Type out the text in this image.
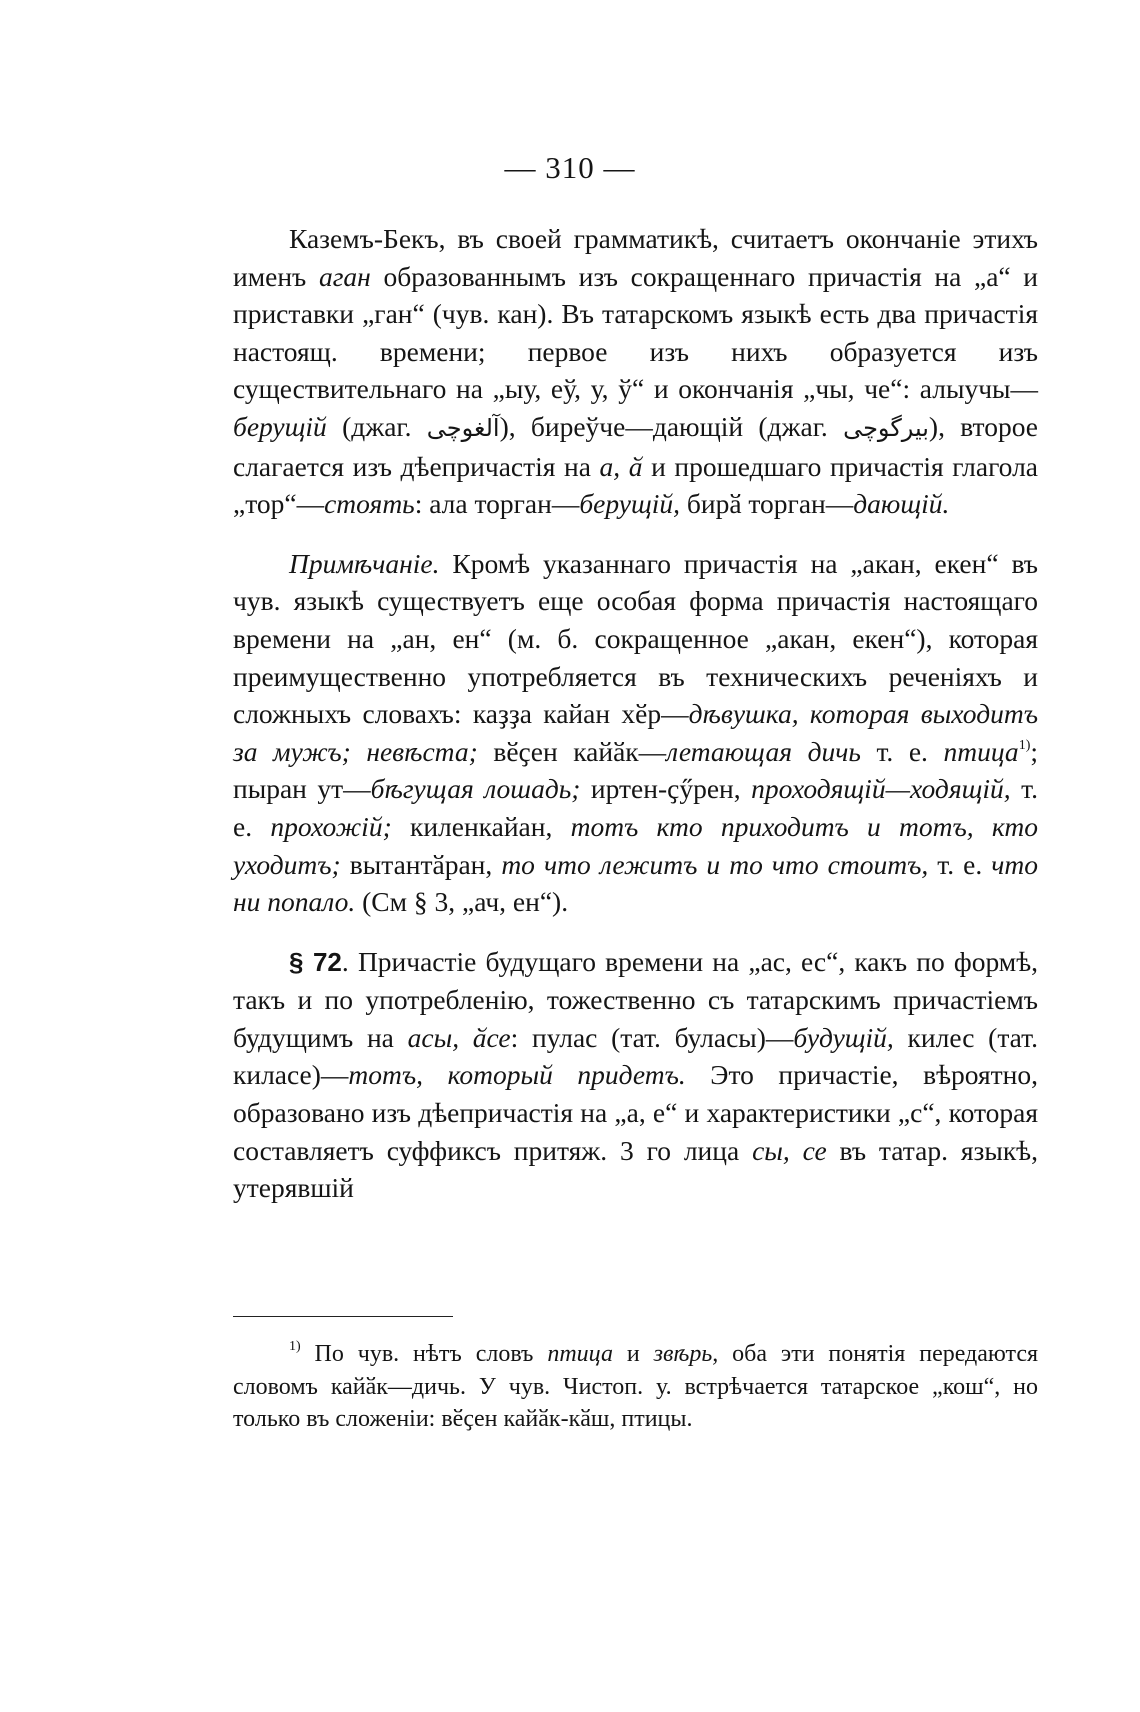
— 310 —

Каземъ-Бекъ, въ своей грамматикѣ, считаетъ окончаніе этихъ именъ аган образованнымъ изъ сокращеннаго причастія на „а“ и приставки „ган“ (чув. кан). Въ татарскомъ языкѣ есть два причастія настоящ. времени; первое изъ нихъ образуется изъ существительнаго на „ыу, еў, у, ў“ и окончанія „чы, че“: алыучы—берущій (джаг. آلغوچی), биреўче—дающій (джаг. بیرگوچی), второе слагается изъ дѣепричастія на а, ӑ и прошедшаго причастія глагола „тор“—стоять: ала торган—берущій, бирӑ торган—дающій.

Примѣчаніе. Кромѣ указаннаго причастія на „акан, екен“ въ чув. языкѣ существуетъ еще особая форма причастія настоящаго времени на „ан, ен“ (м. б. сокращенное „акан, екен“), которая преимущественно употребляется въ техническихъ реченіяхъ и сложныхъ словахъ: каҙҙа кайан хӗр—дѣвушка, которая выходитъ за мужъ; невѣста; вӗҫен кайӑк—летающая дичь т. е. птица$^{1)}$; пыран ут—бѣгущая лошадь; иртен-ҫӳрен, проходящій—ходящій, т. е. прохожій; киленкайан, тотъ кто приходитъ и тотъ, кто уходитъ; вытантӑран, то что лежитъ и то что стоитъ, т. е. что ни попало. (См § 3, „ач, ен“).

§ 72. Причастіе будущаго времени на „ас, ес“, какъ по формѣ, такъ и по употребленію, тожественно съ татарскимъ причастіемъ будущимъ на асы, ӑсе: пулас (тат. буласы)—будущій, килес (тат. киласе)—тотъ, который придетъ. Это причастіе, вѣроятно, образовано изъ дѣепричастія на „а, е“ и характеристики „с“, которая составляетъ суффиксъ притяж. 3 го лица сы, се въ татар. языкѣ, утерявшій

$^{1)}$ По чув. нѣтъ словъ птица и звѣрь, оба эти понятія передаются словомъ кайӑк—дичь. У чув. Чистоп. у. встрѣчается татарское „кош“, но только въ сложеніи: вӗҫен кайӑк-кӑш, птицы.
